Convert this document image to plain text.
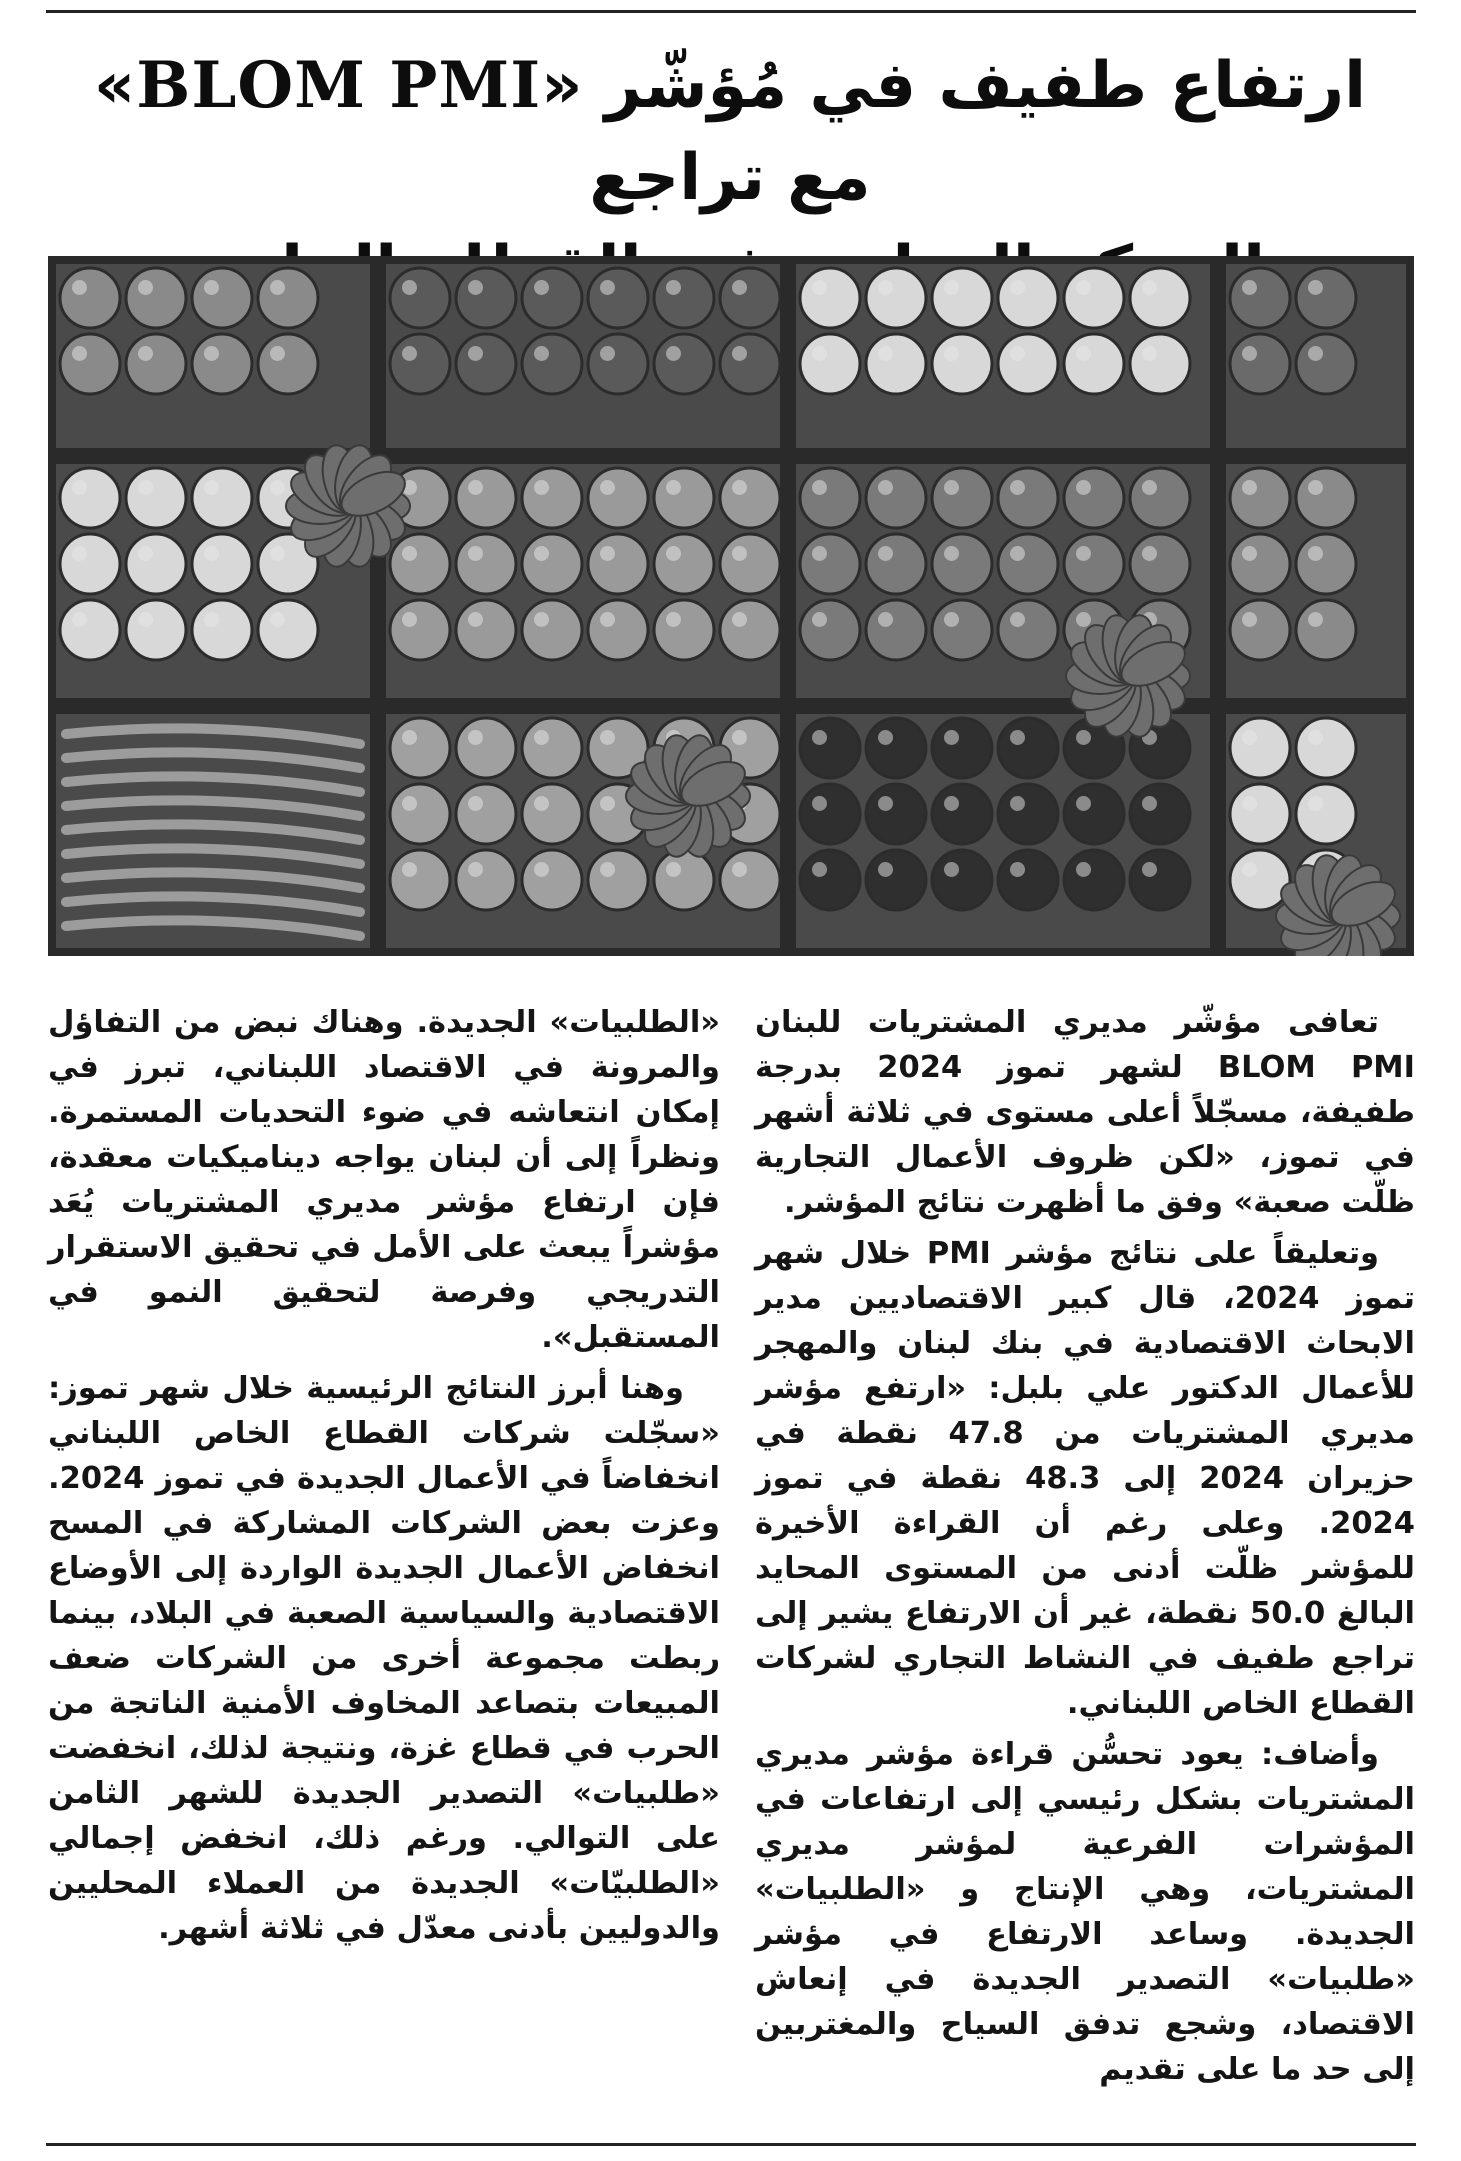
ارتفاع طفيف في مُؤشّر «BLOM PMI» مع تراجع

تعافى مؤشّر مديري المشتريات للبنان BLOM PMI لشهر تموز 2024 بدرجة طفيفة، مسجّلاً أعلى مستوى في ثلاثة أشهر في تموز، «لكن ظروف الأعمال التجارية ظلّت صعبة» وفق ما أظهرت نتائج المؤشر.

وتعليقاً على نتائج مؤشر PMI خلال شهر تموز 2024، قال كبير الاقتصاديين مدير الابحاث الاقتصادية في بنك لبنان والمهجر للأعمال الدكتور علي بلبل: «ارتفع مؤشر مديري المشتريات من 47.8 نقطة في حزيران 2024 إلى 48.3 نقطة في تموز 2024. وعلى رغم أن القراءة الأخيرة للمؤشر ظلّت أدنى من المستوى المحايد البالغ 50.0 نقطة، غير أن الارتفاع يشير إلى تراجع طفيف في النشاط التجاري لشركات القطاع الخاص اللبناني.

وأضاف: يعود تحسُّن قراءة مؤشر مديري المشتريات بشكل رئيسي إلى ارتفاعات في المؤشرات الفرعية لمؤشر مديري المشتريات، وهي الإنتاج و «الطلبيات» الجديدة. وساعد الارتفاع في مؤشر «طلبيات» التصدير الجديدة في إنعاش الاقتصاد، وشجع تدفق السياح والمغتربين إلى حد ما على تقديم

«الطلبيات» الجديدة. وهناك نبض من التفاؤل والمرونة في الاقتصاد اللبناني، تبرز في إمكان انتعاشه في ضوء التحديات المستمرة. ونظراً إلى أن لبنان يواجه ديناميكيات معقدة، فإن ارتفاع مؤشر مديري المشتريات يُعَد مؤشراً يبعث على الأمل في تحقيق الاستقرار التدريجي وفرصة لتحقيق النمو في المستقبل».

وهنا أبرز النتائج الرئيسية خلال شهر تموز: «سجّلت شركات القطاع الخاص اللبناني انخفاضاً في الأعمال الجديدة في تموز 2024. وعزت بعض الشركات المشاركة في المسح انخفاض الأعمال الجديدة الواردة إلى الأوضاع الاقتصادية والسياسية الصعبة في البلاد، بينما ربطت مجموعة أخرى من الشركات ضعف المبيعات بتصاعد المخاوف الأمنية الناتجة من الحرب في قطاع غزة، ونتيجة لذلك، انخفضت «طلبيات» التصدير الجديدة للشهر الثامن على التوالي. ورغم ذلك، انخفض إجمالي «الطلبيّات» الجديدة من العملاء المحليين والدوليين بأدنى معدّل في ثلاثة أشهر.
